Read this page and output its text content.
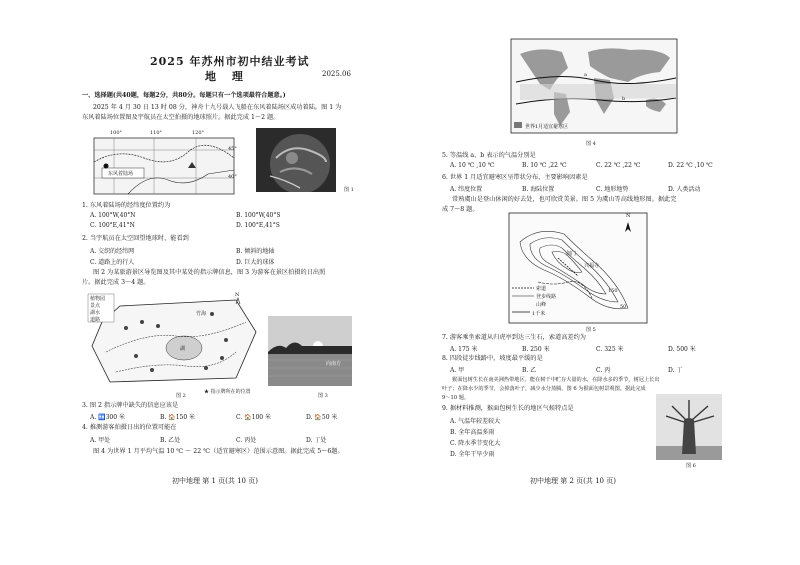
2025 年苏州市初中结业考试
地 理	2025.06
一、选择题(共40题，每题2分，共80分。每题只有一个选项最符合题意。)
2025 年 4 月 30 日 13 时 08 分，神舟十九号载人飞船在东风着陆场区成功着陆。图 1 为
东风着陆场位置图及宇航员在太空拍摄的地球照片。据此完成 1～2 题。
100°	110°	120°
45°
40°
东风着陆场
图 1
1. 东风着陆场的经纬度位置约为
A. 100°W,40°N	B. 100°W,40°S
C. 100°E,41°N	D. 100°E,41°S
2. 当宇航员在太空回望地球时，能看到
A. 交织的经纬网	B. 倾斜的地轴
C. 道路上的行人	D. 巨大的球体
图 2 为某旅游景区导览图及其中某处的指示牌信息，图 3 为游客在景区拍摄的日出照
片。据此完成 3～4 题。
植物园
景点
湖水
道路
N
竹海
湖
图 2
★ 指示牌所在的位置
向南方
图 3
3. 图 2 指示牌中缺失的信息应该是
A. 🚻300 米	B. 🏠150 米	C. 🏠100 米	D. 🏠50 米
4. 推测游客拍摄日出的位置可能在
A. 甲处	B. 乙处	C. 丙处	D. 丁处
图 4 为世界 1 月平均气温 10 ℃ ～ 22 ℃（适宜避寒区）范围示意图。据此完成 5～6题。
初中地理 第 1 页(共 10 页)
a
b
世界1月适宜避寒区
图 4
5. 等温线 a、b 表示的气温分别是
A. 10 ℃ ,10 ℃	B. 10 ℃ ,22 ℃	C. 22 ℃ ,22 ℃	D. 22 ℃ ,10 ℃
6. 世界 1 月适宜避寒区呈带状分布，主要影响因素是
A. 纬度位置	B. 海陆位置	C. 地形地势	D. 人类活动
常熟虞山是登山休闲的好去处，也可欣赏美景。图 5 为虞山等高线地形图。据此完
成 7～8 题。
N
索道
登步线路
山峰
1千米
剑门
兴福寺
150
50
图 5
7. 游客乘坐索道从归虎亭到达三生石，索道高差约为
A. 175 米	B. 250 米	C. 325 米	D. 500 米
8. 四段徒步线路中，坡度最平缓的是
A. 甲	B. 乙	C. 丙	D. 丁
猴面包树生长在南美洲热带地区，能在树干中贮存大量的水，在降水多的季节，树冠上长出
叶子；在降水少的季节，会掉落叶子，减少水分蒸腾。图 6 为猴面包树景观图。据此完成
9～10 题。
9. 据材料推测，猴面包树生长的地区气候特点是
A. 气温年较差较大
B. 全年高温多雨
C. 降水季节变化大
D. 全年干旱少雨
图 6
初中地理 第 2 页(共 10 页)
